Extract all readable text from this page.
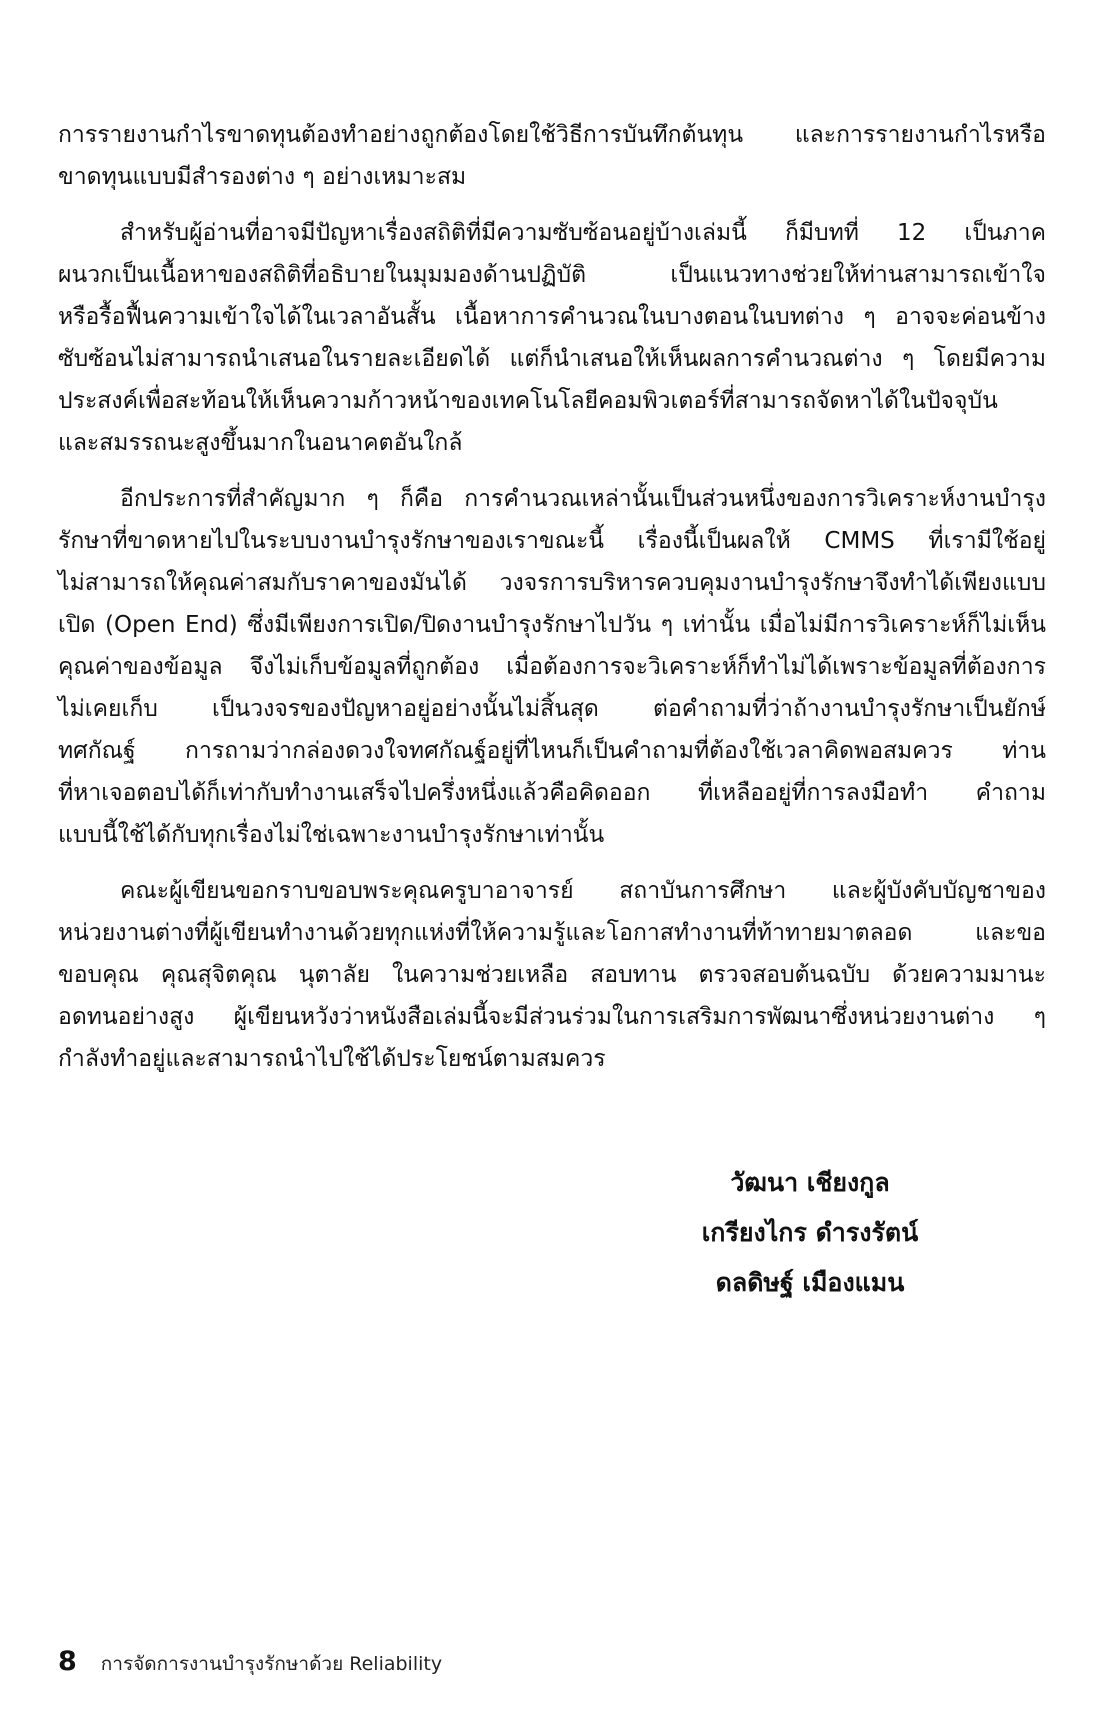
การรายงานกำไรขาดทุนต้องทำอย่างถูกต้องโดยใช้วิธีการบันทึกต้นทุน และการรายงานกำไรหรือ
ขาดทุนแบบมีสำรองต่าง ๆ อย่างเหมาะสม

สำหรับผู้อ่านที่อาจมีปัญหาเรื่องสถิติที่มีความซับซ้อนอยู่บ้างเล่มนี้ ก็มีบทที่ 12 เป็นภาค
ผนวกเป็นเนื้อหาของสถิติที่อธิบายในมุมมองด้านปฏิบัติ เป็นแนวทางช่วยให้ท่านสามารถเข้าใจ
หรือรื้อฟื้นความเข้าใจได้ในเวลาอันสั้น เนื้อหาการคำนวณในบางตอนในบทต่าง ๆ อาจจะค่อนข้าง
ซับซ้อนไม่สามารถนำเสนอในรายละเอียดได้ แต่ก็นำเสนอให้เห็นผลการคำนวณต่าง ๆ โดยมีความ
ประสงค์เพื่อสะท้อนให้เห็นความก้าวหน้าของเทคโนโลยีคอมพิวเตอร์ที่สามารถจัดหาได้ในปัจจุบัน
และสมรรถนะสูงขึ้นมากในอนาคตอันใกล้

อีกประการที่สำคัญมาก ๆ ก็คือ การคำนวณเหล่านั้นเป็นส่วนหนึ่งของการวิเคราะห์งานบำรุง
รักษาที่ขาดหายไปในระบบงานบำรุงรักษาของเราขณะนี้ เรื่องนี้เป็นผลให้ CMMS ที่เรามีใช้อยู่
ไม่สามารถให้คุณค่าสมกับราคาของมันได้ วงจรการบริหารควบคุมงานบำรุงรักษาจึงทำได้เพียงแบบ
เปิด (Open End) ซึ่งมีเพียงการเปิด/ปิดงานบำรุงรักษาไปวัน ๆ เท่านั้น เมื่อไม่มีการวิเคราะห์ก็ไม่เห็น
คุณค่าของข้อมูล จึงไม่เก็บข้อมูลที่ถูกต้อง เมื่อต้องการจะวิเคราะห์ก็ทำไม่ได้เพราะข้อมูลที่ต้องการ
ไม่เคยเก็บ เป็นวงจรของปัญหาอยู่อย่างนั้นไม่สิ้นสุด ต่อคำถามที่ว่าถ้างานบำรุงรักษาเป็นยักษ์
ทศกัณฐ์ การถามว่ากล่องดวงใจทศกัณฐ์อยู่ที่ไหนก็เป็นคำถามที่ต้องใช้เวลาคิดพอสมควร ท่าน
ที่หาเจอตอบได้ก็เท่ากับทำงานเสร็จไปครึ่งหนึ่งแล้วคือคิดออก ที่เหลืออยู่ที่การลงมือทำ คำถาม
แบบนี้ใช้ได้กับทุกเรื่องไม่ใช่เฉพาะงานบำรุงรักษาเท่านั้น

คณะผู้เขียนขอกราบขอบพระคุณครูบาอาจารย์ สถาบันการศึกษา และผู้บังคับบัญชาของ
หน่วยงานต่างที่ผู้เขียนทำงานด้วยทุกแห่งที่ให้ความรู้และโอกาสทำงานที่ท้าทายมาตลอด และขอ
ขอบคุณ คุณสุจิตคุณ นุตาลัย ในความช่วยเหลือ สอบทาน ตรวจสอบต้นฉบับ ด้วยความมานะ
อดทนอย่างสูง ผู้เขียนหวังว่าหนังสือเล่มนี้จะมีส่วนร่วมในการเสริมการพัฒนาซึ่งหน่วยงานต่าง ๆ
กำลังทำอยู่และสามารถนำไปใช้ได้ประโยชน์ตามสมควร

วัฒนา เชียงกูล
เกรียงไกร ดำรงรัตน์
ดลดิษฐ์ เมืองแมน
8 การจัดการงานบำรุงรักษาด้วย Reliability
